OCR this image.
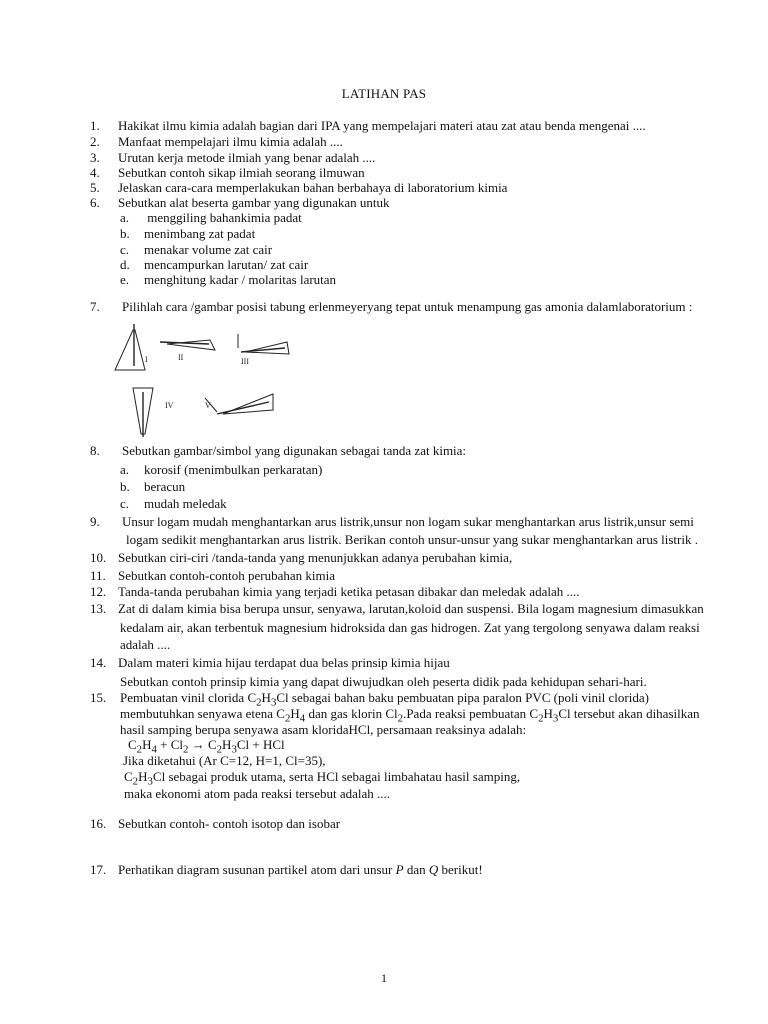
LATIHAN PAS
1.	Hakikat ilmu kimia adalah bagian dari IPA yang mempelajari materi atau zat atau benda mengenai ....
2.	Manfaat mempelajari ilmu kimia adalah ....
3.	Urutan kerja metode ilmiah yang benar adalah ....
4.	Sebutkan contoh sikap ilmiah seorang ilmuwan
5.	Jelaskan cara-cara memperlakukan bahan berbahaya di laboratorium kimia
6.	Sebutkan alat beserta gambar yang digunakan untuk
a. menggiling bahankimia padat
b. menimbang zat padat
c. menakar volume zat cair
d. mencampurkan larutan/ zat cair
e. menghitung kadar / molaritas larutan
7.	Pilihlah cara /gambar posisi tabung erlenmeyeryang tepat untuk menampung gas amonia dalamlaboratorium :
I	II	III
IV	V
8.	Sebutkan gambar/simbol yang digunakan sebagai tanda zat kimia:
a. korosif (menimbulkan perkaratan)
b. beracun
c. mudah meledak
9.	Unsur logam mudah menghantarkan arus listrik,unsur non logam sukar menghantarkan arus listrik,unsur semi
logam sedikit menghantarkan arus listrik. Berikan contoh unsur-unsur yang sukar menghantarkan arus listrik .
10. Sebutkan ciri-ciri /tanda-tanda yang menunjukkan adanya perubahan kimia,
11. Sebutkan contoh-contoh perubahan kimia
12. Tanda-tanda perubahan kimia yang terjadi ketika petasan dibakar dan meledak adalah ....
13. Zat di dalam kimia bisa berupa unsur, senyawa, larutan,koloid dan suspensi. Bila logam magnesium dimasukkan
kedalam air, akan terbentuk magnesium hidroksida dan gas hidrogen. Zat yang tergolong senyawa dalam reaksi
adalah ....
14. Dalam materi kimia hijau terdapat dua belas prinsip kimia hijau
Sebutkan contoh prinsip kimia yang dapat diwujudkan oleh peserta didik pada kehidupan sehari-hari.
15.	Pembuatan vinil clorida $C_2H_3Cl$ sebagai bahan baku pembuatan pipa paralon PVC (poli vinil clorida)
membutuhkan senyawa etena $C_2H_4$ dan gas klorin $Cl_2.Pada$ reaksi pembuatan $C_2H_3Cl$ tersebut akan dihasilkan
hasil samping berupa senyawa asam kloridaHCl, persamaan reaksinya adalah:
$C_2H_4 + Cl_2 \to C_2H_3Cl$ + HCl
Jika diketahui (Ar C=12, H=1, Cl=35),
$C_2H_3Cl$ sebagai produk utama, serta HCl sebagai limbahatau hasil samping,
maka ekonomi atom pada reaksi tersebut adalah ....
16. Sebutkan contoh- contoh isotop dan isobar
17. Perhatikan diagram susunan partikel atom dari unsur P dan Q berikut!
1
